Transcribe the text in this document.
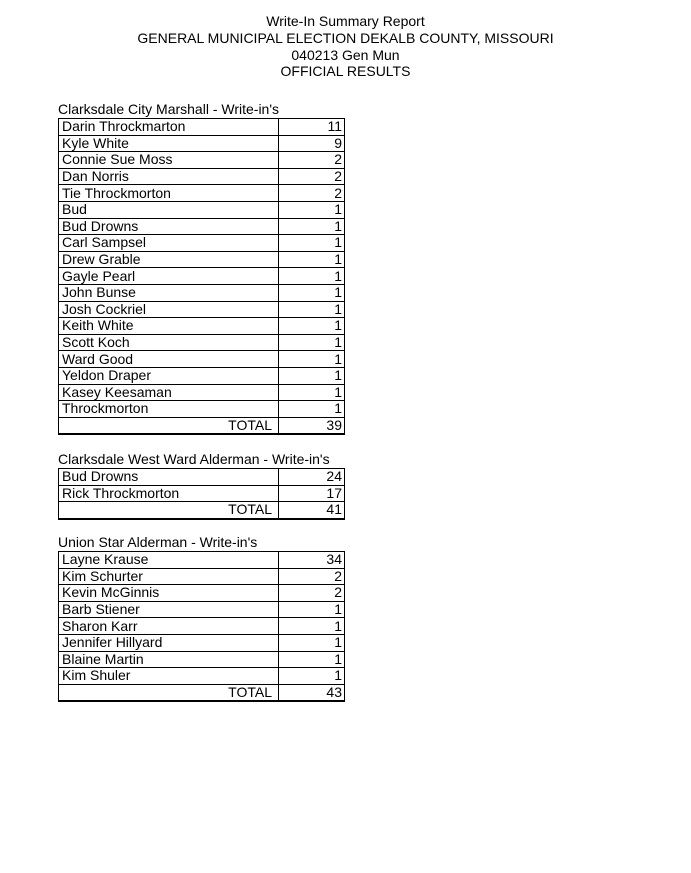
Write-In Summary Report
GENERAL MUNICIPAL ELECTION DEKALB COUNTY, MISSOURI
040213 Gen Mun
OFFICIAL RESULTS
Clarksdale City Marshall - Write-in's
Darin Throckmarton	11
Kyle White	9
Connie Sue Moss	2
Dan Norris	2
Tie Throckmorton	2
Bud	1
Bud Drowns	1
Carl Sampsel	1
Drew Grable	1
Gayle Pearl	1
John Bunse	1
Josh Cockriel	1
Keith White	1
Scott Koch	1
Ward Good	1
Yeldon Draper	1
Kasey Keesaman	1
Throckmorton	1
TOTAL	39
Clarksdale West Ward Alderman - Write-in's
Bud Drowns	24
Rick Throckmorton	17
TOTAL	41
Union Star Alderman - Write-in's
Layne Krause	34
Kim Schurter	2
Kevin McGinnis	2
Barb Stiener	1
Sharon Karr	1
Jennifer Hillyard	1
Blaine Martin	1
Kim Shuler	1
TOTAL	43
